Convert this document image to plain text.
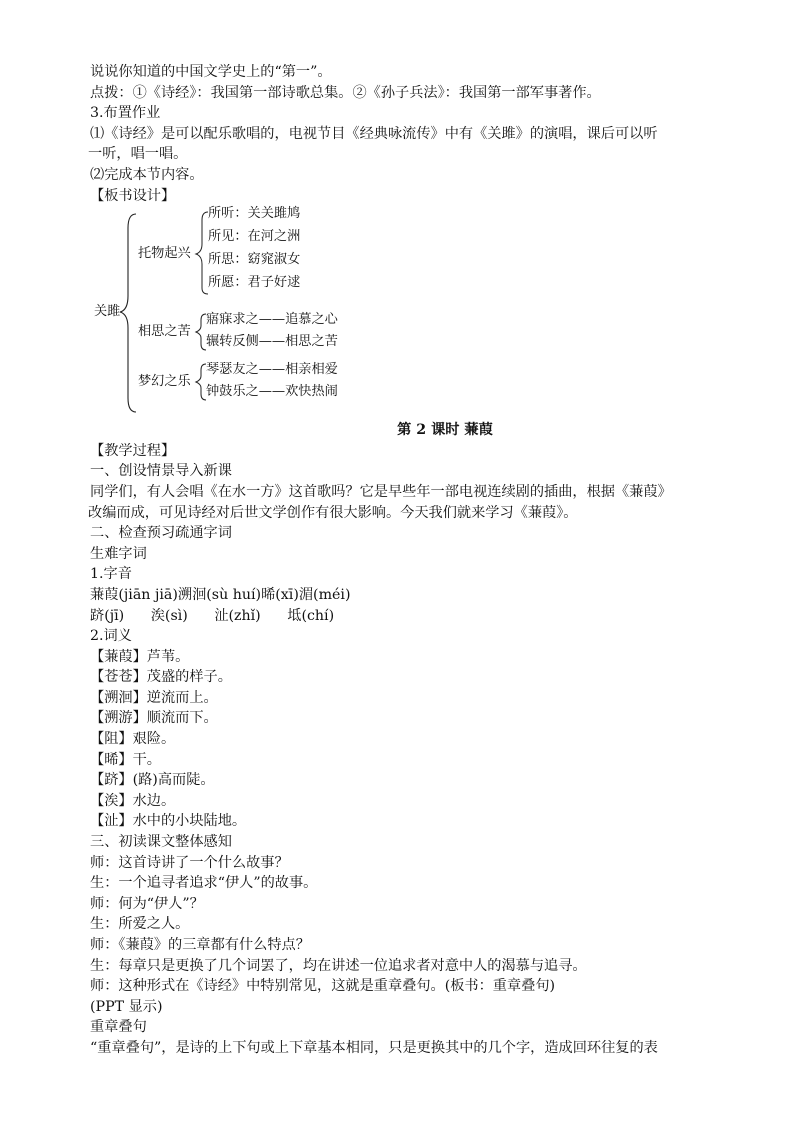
说说你知道的中国文学史上的“第一”。
点拨：①《诗经》：我国第一部诗歌总集。②《孙子兵法》：我国第一部军事著作。
3.布置作业
⑴《诗经》是可以配乐歌唱的，电视节目《经典咏流传》中有《关雎》的演唱，课后可以听
一听，唱一唱。
⑵完成本节内容。
【板书设计】
关雎
托物起兴
所听：关关雎鸠
所见：在河之洲
所思：窈窕淑女
所愿：君子好逑
相思之苦
寤寐求之——追慕之心
辗转反侧——相思之苦
梦幻之乐
琴瑟友之——相亲相爱
钟鼓乐之——欢快热闹
第 2 课时 蒹葭
【教学过程】
一、创设情景导入新课
同学们，有人会唱《在水一方》这首歌吗？它是早些年一部电视连续剧的插曲，根据《蒹葭》
改编而成，可见诗经对后世文学创作有很大影响。今天我们就来学习《蒹葭》。
二、检查预习疏通字词
生难字词
1.字音
蒹葭(jiān jiā)溯洄(sù huí)晞(xī)湄(méi)
跻(jī) 涘(sì) 沚(zhǐ) 坻(chí)
2.词义
【蒹葭】芦苇。
【苍苍】茂盛的样子。
【溯洄】逆流而上。
【溯游】顺流而下。
【阻】艰险。
【晞】干。
【跻】(路)高而陡。
【涘】水边。
【沚】水中的小块陆地。
三、初读课文整体感知
师：这首诗讲了一个什么故事？
生：一个追寻者追求“伊人”的故事。
师：何为“伊人”？
生：所爱之人。
师：《蒹葭》的三章都有什么特点？
生：每章只是更换了几个词罢了，均在讲述一位追求者对意中人的渴慕与追寻。
师：这种形式在《诗经》中特别常见，这就是重章叠句。(板书：重章叠句)
(PPT 显示)
重章叠句
“重章叠句”，是诗的上下句或上下章基本相同，只是更换其中的几个字，造成回环往复的表
